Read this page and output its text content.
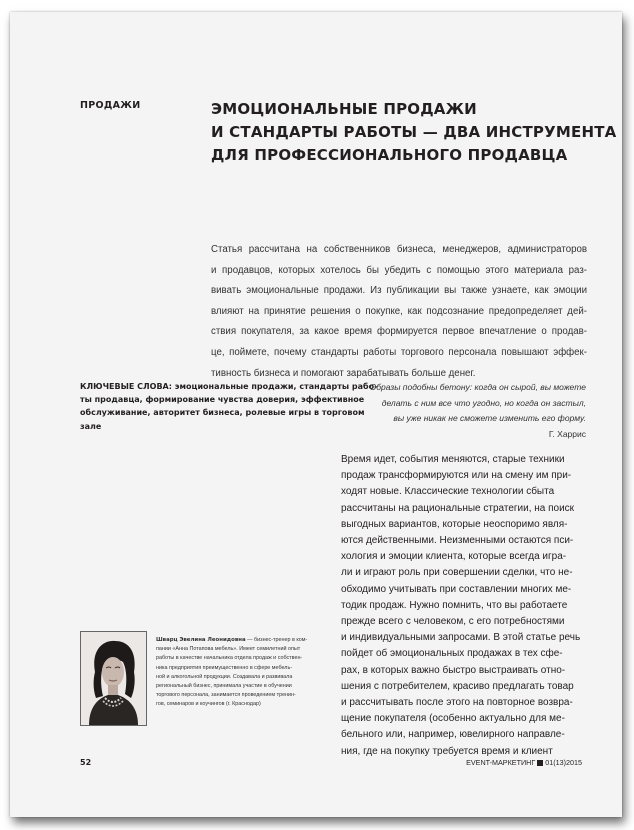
ПРОДАЖИ	ЭМОЦИОНАЛЬНЫЕ ПРОДАЖИ
И СТАНДАРТЫ РАБОТЫ — ДВА ИНСТРУМЕНТА
ДЛЯ ПРОФЕССИОНАЛЬНОГО ПРОДАВЦА
Статья рассчитана на собственников бизнеса, менеджеров, администраторов
и продавцов, которых хотелось бы убедить с помощью этого материала раз-
вивать эмоциональные продажи. Из публикации вы также узнаете, как эмоции
влияют на принятие решения о покупке, как подсознание предопределяет дей-
ствия покупателя, за какое время формируется первое впечатление о продав-
це, поймете, почему стандарты работы торгового персонала повышают эффек-
тивность бизнеса и помогают зарабатывать больше денег.
КЛЮЧЕВЫЕ СЛОВА: эмоциональные продажи, стандарты рабо-
ты продавца, формирование чувства доверия, эффективное
обслуживание, авторитет бизнеса, ролевые игры в торговом
зале
Образы подобны бетону: когда он сырой, вы можете
делать с ним все что угодно, но когда он застыл,
вы уже никак не сможете изменить его форму.
Г. Харрис
Время идет, события меняются, старые техники
продаж трансформируются или на смену им при-
ходят новые. Классические технологии сбыта
рассчитаны на рациональные стратегии, на поиск
выгодных вариантов, которые неоспоримо явля-
ются действенными. Неизменными остаются пси-
хология и эмоции клиента, которые всегда игра-
ли и играют роль при совершении сделки, что не-
обходимо учитывать при составлении многих ме-
тодик продаж. Нужно помнить, что вы работаете
прежде всего с человеком, с его потребностями
и индивидуальными запросами. В этой статье речь
пойдет об эмоциональных продажах в тех сфе-
рах, в которых важно быстро выстраивать отно-
шения с потребителем, красиво предлагать товар
и рассчитывать после этого на повторное возвра-
щение покупателя (особенно актуально для ме-
бельного или, например, ювелирного направле-
ния, где на покупку требуется время и клиент
Шварц Эвелина Леонидовна — бизнес-тренер в ком-
пании «Анна Потапова мебель». Имеет семилетний опыт
работы в качестве начальника отдела продаж и собствен-
ника предприятия преимущественно в сфере мебель-
ной и алкогольной продукции. Создавала и развивала
региональный бизнес, принимала участие в обучении
торгового персонала, занимается проведением тренин-
гов, семинаров и коучингов (г. Краснодар)
52	EVENT-МАРКЕТИНГ 01(13)2015
